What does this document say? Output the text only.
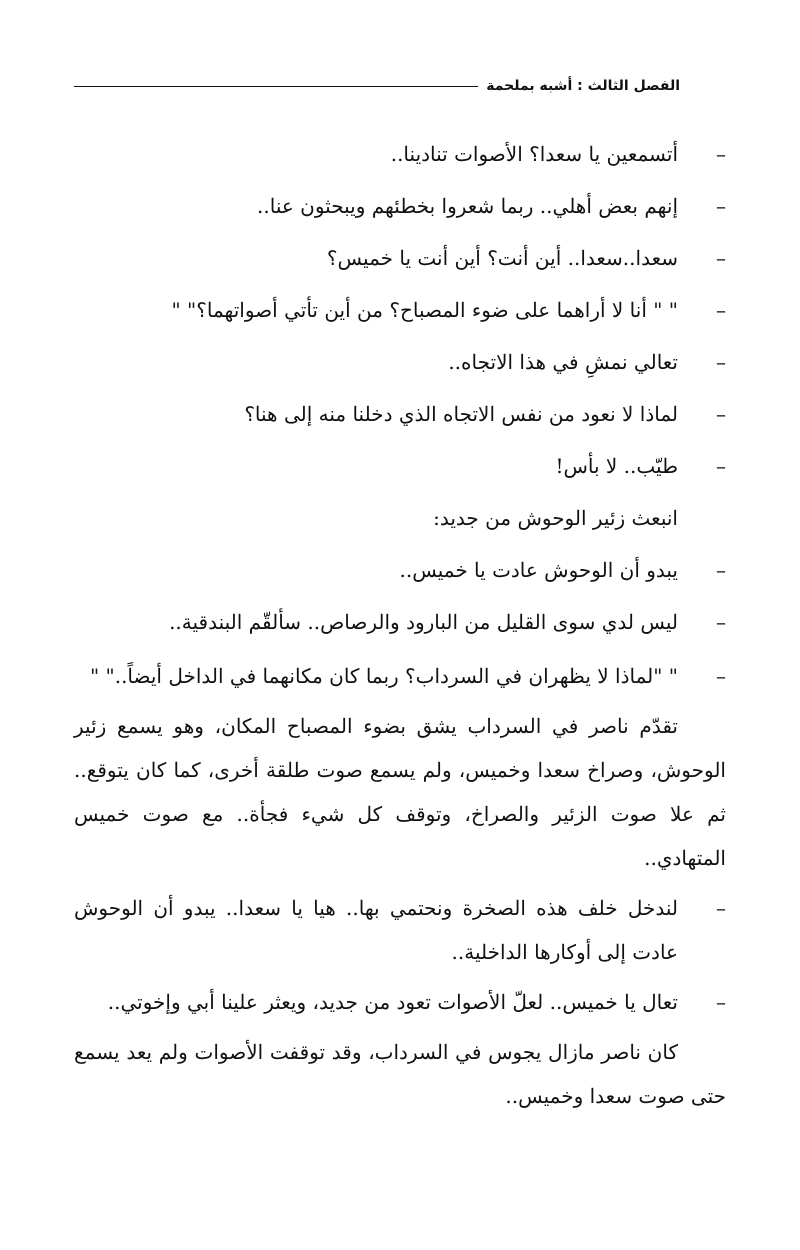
الفصل الثالث : أشبه بملحمة

–
أتسمعين يا سعدا؟ الأصوات تنادينا..

–
إنهم بعض أهلي.. ربما شعروا بخطئهم ويبحثون عنا..

–
سعدا..سعدا.. أين أنت؟ أين أنت يا خميس؟

–
" " أنا لا أراهما على ضوء المصباح؟ من أين تأتي أصواتهما؟" "

–
تعالي نمشِ في هذا الاتجاه..

–
لماذا لا نعود من نفس الاتجاه الذي دخلنا منه إلى هنا؟

–
طيّب.. لا بأس!

انبعث زئير الوحوش من جديد:

–
يبدو أن الوحوش عادت يا خميس..

–
ليس لدي سوى القليل من البارود والرصاص.. سألقّم البندقية..

–
" "لماذا لا يظهران في السرداب؟ ربما كان مكانهما في الداخل أيضاً.." "

تقدّم ناصر في السرداب يشق بضوء المصباح المكان، وهو يسمع زئير الوحوش، وصراخ سعدا وخميس، ولم يسمع صوت طلقة أخرى، كما كان يتوقع.. ثم علا صوت الزئير والصراخ، وتوقف كل شيء فجأة.. مع صوت خميس المتهادي..

–
لندخل خلف هذه الصخرة ونحتمي بها.. هيا يا سعدا.. يبدو أن الوحوش عادت إلى أوكارها الداخلية..

–
تعال يا خميس.. لعلّ الأصوات تعود من جديد، ويعثر علينا أبي وإخوتي..

كان ناصر مازال يجوس في السرداب، وقد توقفت الأصوات ولم يعد يسمع حتى صوت سعدا وخميس..
